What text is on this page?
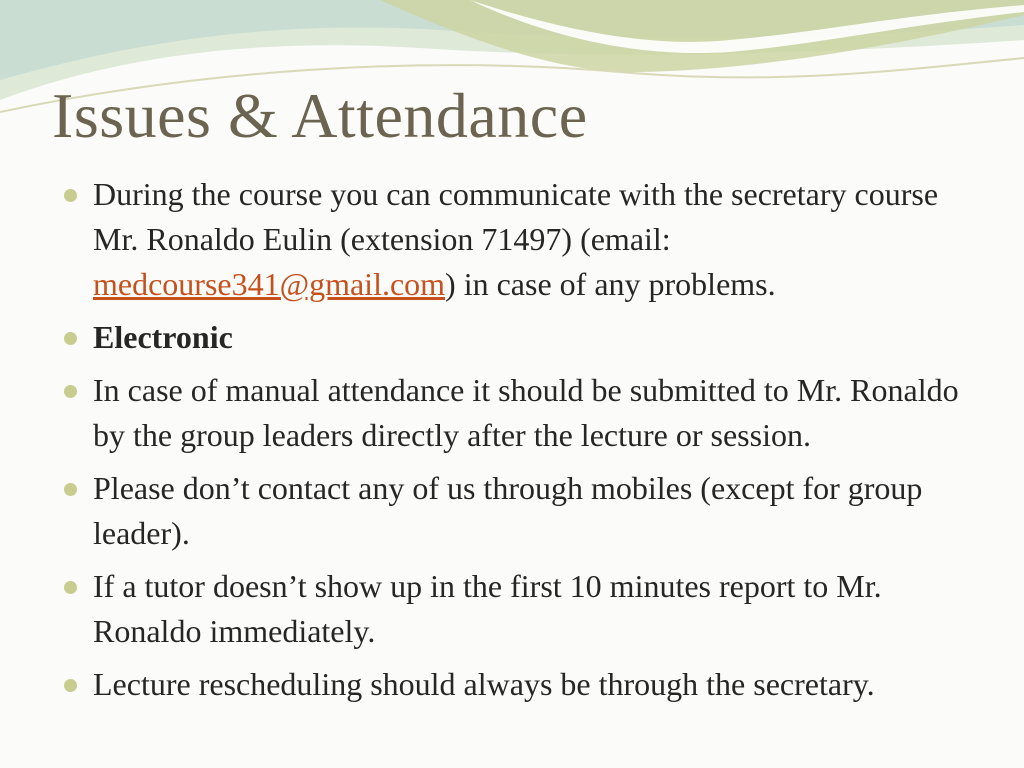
Issues & Attendance
During the course you can communicate with the secretary course Mr. Ronaldo Eulin (extension 71497) (email: medcourse341@gmail.com) in case of any problems.
Electronic
In case of manual attendance it should be submitted to Mr. Ronaldo by the group leaders directly after the lecture or session.
Please don’t contact any of us through mobiles (except for group leader).
If a tutor doesn’t show up in the first 10 minutes report to Mr. Ronaldo immediately.
Lecture rescheduling should always be through the secretary.
